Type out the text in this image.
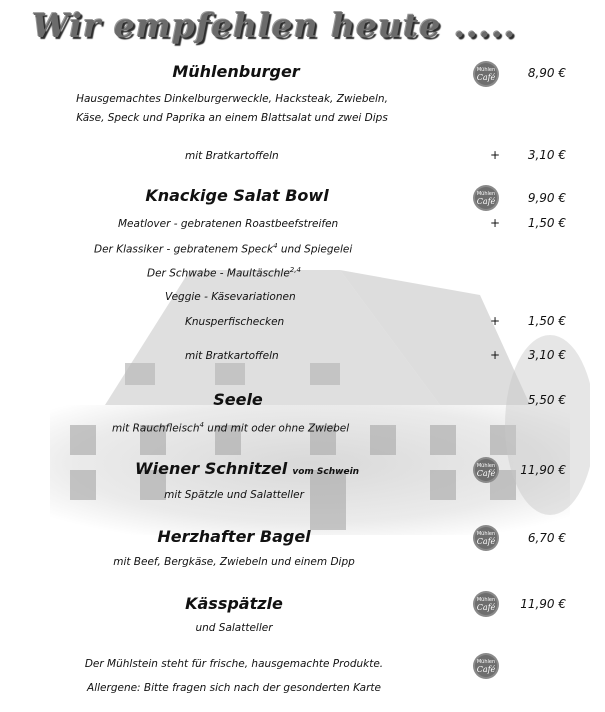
Wir empfehlen heute .....
Mühlenburger	8,90 €
Hausgemachtes Dinkelburgerweckle, Hacksteak, Zwiebeln,
Käse, Speck und Paprika an einem Blattsalat und zwei Dips
mit Bratkartoffeln	+	3,10 €
Knackige Salat Bowl	9,90 €
Meatlover - gebratenen Roastbeefstreifen	+	1,50 €
Der Klassiker - gebratenem Speck$^4$ und Spiegelei
Der Schwabe - Maultäschle$^{2,4}$
Veggie - Käsevariationen
Knusperfischecken	+	1,50 €
mit Bratkartoffeln	+	3,10 €
Seele	5,50 €
mit Rauchfleisch$^4$ und mit oder ohne Zwiebel
Wiener Schnitzel vom Schwein	11,90 €
mit Spätzle und Salatteller
Herzhafter Bagel	6,70 €
mit Beef, Bergkäse, Zwiebeln und einem Dipp
Kässpätzle	11,90 €
und Salatteller
Der Mühlstein steht für frische, hausgemachte Produkte.
Allergene: Bitte fragen sich nach der gesonderten Karte
Mühlen
Café
Mühlen
Café
Mühlen
Café
Mühlen
Café
Mühlen
Café
Mühlen
Café
